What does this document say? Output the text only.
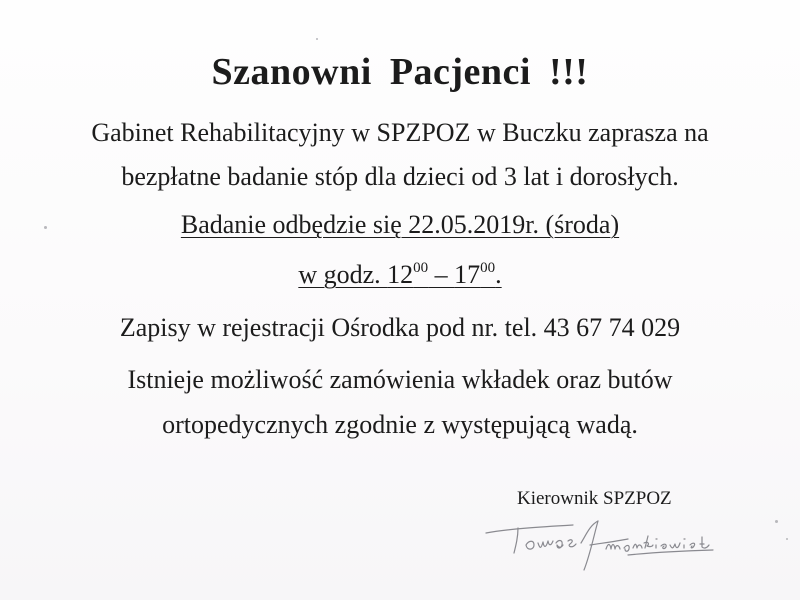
Szanowni Pacjenci !!!
Gabinet Rehabilitacyjny w SPZPOZ w Buczku zaprasza na
bezpłatne badanie stóp dla dzieci od 3 lat i dorosłych.
Badanie odbędzie się 22.05.2019r. (środa)
w godz. $12^{00} - 17^{00}$.
Zapisy w rejestracji Ośrodka pod nr. tel. 43 67 74 029
Istnieje możliwość zamówienia wkładek oraz butów
ortopedycznych zgodnie z występującą wadą.
Kierownik SPZPOZ
